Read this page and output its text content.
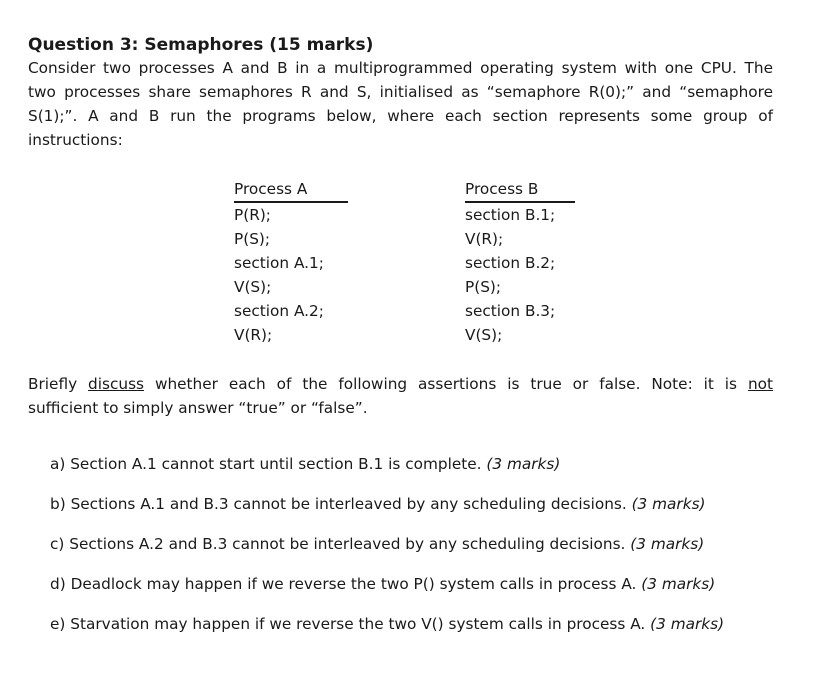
Question 3: Semaphores (15 marks)

Consider two processes A and B in a multiprogrammed operating system with one CPU. The
two processes share semaphores R and S, initialised as “semaphore R(0);” and “semaphore
S(1);”. A and B run the programs below, where each section represents some group of
instructions:

Process A
P(R);
P(S);
section A.1;
V(S);
section A.2;
V(R);
Process B
section B.1;
V(R);
section B.2;
P(S);
section B.3;
V(S);

Briefly discuss whether each of the following assertions is true or false. Note: it is not
sufficient to simply answer “true” or “false”.

a) Section A.1 cannot start until section B.1 is complete. (3 marks)
b) Sections A.1 and B.3 cannot be interleaved by any scheduling decisions. (3 marks)
c) Sections A.2 and B.3 cannot be interleaved by any scheduling decisions. (3 marks)
d) Deadlock may happen if we reverse the two P() system calls in process A. (3 marks)
e) Starvation may happen if we reverse the two V() system calls in process A. (3 marks)
